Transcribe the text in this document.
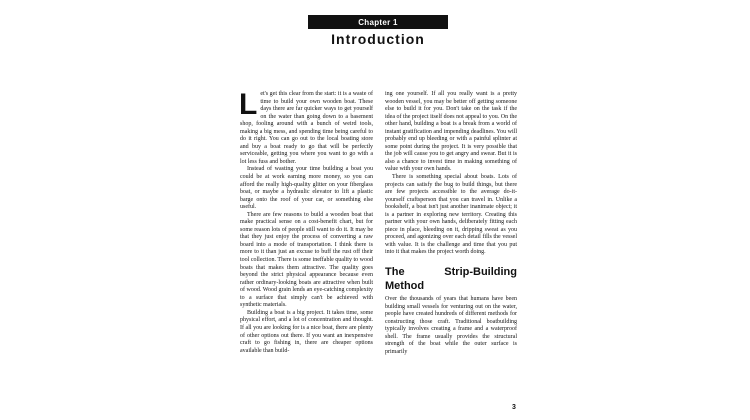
Chapter 1
Introduction

Let's get this clear from the start: it is a waste of time to build your own wooden boat. These days there are far quicker ways to get yourself on the water than going down to a basement shop, fooling around with a bunch of weird tools, making a big mess, and spending time being careful to do it right. You can go out to the local boating store and buy a boat ready to go that will be perfectly serviceable, getting you where you want to go with a lot less fuss and bother.

Instead of wasting your time building a boat you could be at work earning more money, so you can afford the really high-quality glitter on your fiberglass boat, or maybe a hydraulic elevator to lift a plastic barge onto the roof of your car, or something else useful.

There are few reasons to build a wooden boat that make practical sense on a cost-benefit chart, but for some reason lots of people still want to do it. It may be that they just enjoy the process of converting a raw board into a mode of transportation. I think there is more to it than just an excuse to buff the rust off their tool collection. There is some ineffable quality to wood boats that makes them attractive. The quality goes beyond the strict physical appearance because even rather ordinary-looking boats are attractive when built of wood. Wood grain lends an eye-catching complexity to a surface that simply can't be achieved with synthetic materials.

Building a boat is a big project. It takes time, some physical effort, and a lot of concentration and thought. If all you are looking for is a nice boat, there are plenty of other options out there. If you want an inexpensive craft to go fishing in, there are cheaper options available than build-

ing one yourself. If all you really want is a pretty wooden vessel, you may be better off getting someone else to build it for you. Don't take on the task if the idea of the project itself does not appeal to you. On the other hand, building a boat is a break from a world of instant gratification and impending deadlines. You will probably end up bleeding or with a painful splinter at some point during the project. It is very possible that the job will cause you to get angry and swear. But it is also a chance to invest time in making something of value with your own hands.

There is something special about boats. Lots of projects can satisfy the bug to build things, but there are few projects accessible to the average do-it-yourself craftsperson that you can travel in. Unlike a bookshelf, a boat isn't just another inanimate object; it is a partner in exploring new territory. Creating this partner with your own hands, deliberately fitting each piece in place, bleeding on it, dripping sweat as you proceed, and agonizing over each detail fills the vessel with value. It is the challenge and time that you put into it that makes the project worth doing.

The Strip-Building Method

Over the thousands of years that humans have been building small vessels for venturing out on the water, people have created hundreds of different methods for constructing those craft. Traditional boatbuilding typically involves creating a frame and a waterproof shell. The frame usually provides the structural strength of the boat while the outer surface is primarily

3
